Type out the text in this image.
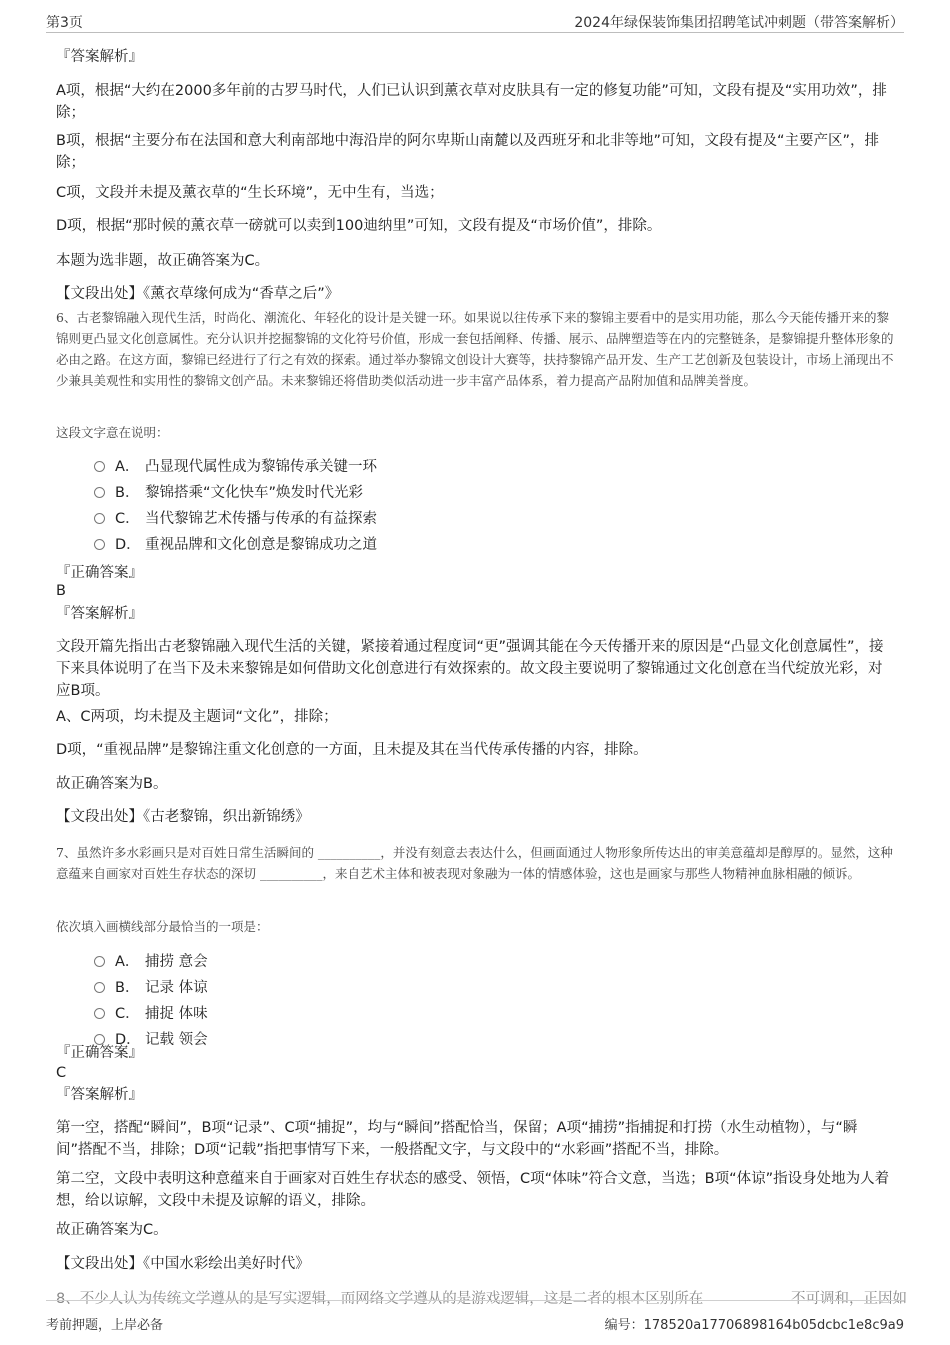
第3页	2024年绿保装饰集团招聘笔试冲刺题（带答案解析）
『答案解析』
A项，根据“大约在2000多年前的古罗马时代，人们已认识到薰衣草对皮肤具有一定的修复功能”可知，文段有提及“实用功效”，排除；
B项，根据“主要分布在法国和意大利南部地中海沿岸的阿尔卑斯山南麓以及西班牙和北非等地”可知，文段有提及“主要产区”，排除；
C项，文段并未提及薰衣草的“生长环境”，无中生有，当选；
D项，根据“那时候的薰衣草一磅就可以卖到100迪纳里”可知，文段有提及“市场价值”，排除。
本题为选非题，故正确答案为C。
【文段出处】《薰衣草缘何成为“香草之后”》
6、古老黎锦融入现代生活，时尚化、潮流化、年轻化的设计是关键一环。如果说以往传承下来的黎锦主要看中的是实用功能，那么今天能传播开来的黎锦则更凸显文化创意属性。充分认识并挖掘黎锦的文化符号价值，形成一套包括阐释、传播、展示、品牌塑造等在内的完整链条，是黎锦提升整体形象的必由之路。在这方面，黎锦已经进行了行之有效的探索。通过举办黎锦文创设计大赛等，扶持黎锦产品开发、生产工艺创新及包装设计，市场上涌现出不少兼具美观性和实用性的黎锦文创产品。未来黎锦还将借助类似活动进一步丰富产品体系，着力提高产品附加值和品牌美誉度。
这段文字意在说明：
A． 凸显现代属性成为黎锦传承关键一环
B． 黎锦搭乘“文化快车”焕发时代光彩
C． 当代黎锦艺术传播与传承的有益探索
D． 重视品牌和文化创意是黎锦成功之道
『正确答案』
B
『答案解析』
文段开篇先指出古老黎锦融入现代生活的关键，紧接着通过程度词“更”强调其能在今天传播开来的原因是“凸显文化创意属性”，接下来具体说明了在当下及未来黎锦是如何借助文化创意进行有效探索的。故文段主要说明了黎锦通过文化创意在当代绽放光彩，对应B项。
A、C两项，均未提及主题词“文化”，排除；
D项，“重视品牌”是黎锦注重文化创意的一方面，且未提及其在当代传承传播的内容，排除。
故正确答案为B。
【文段出处】《古老黎锦，织出新锦绣》
7、虽然许多水彩画只是对百姓日常生活瞬间的 __________，并没有刻意去表达什么，但画面通过人物形象所传达出的审美意蕴却是醇厚的。显然，这种意蕴来自画家对百姓生存状态的深切 __________，来自艺术主体和被表现对象融为一体的情感体验，这也是画家与那些人物精神血脉相融的倾诉。
依次填入画横线部分最恰当的一项是：
A． 捕捞 意会
B． 记录 体谅
C． 捕捉 体味
D． 记载 领会
『正确答案』
C
『答案解析』
第一空，搭配“瞬间”，B项“记录”、C项“捕捉”，均与“瞬间”搭配恰当，保留；A项“捕捞”指捕捉和打捞（水生动植物），与“瞬间”搭配不当，排除；D项“记载”指把事情写下来，一般搭配文字，与文段中的“水彩画”搭配不当，排除。
第二空，文段中表明这种意蕴来自于画家对百姓生存状态的感受、领悟，C项“体味”符合文意，当选；B项“体谅”指设身处地为人着想，给以谅解，文段中未提及谅解的语义，排除。
故正确答案为C。
【文段出处】《中国水彩绘出美好时代》
8、不少人认为传统文学遵从的是写实逻辑，而网络文学遵从的是游戏逻辑，这是二者的根本区别所在	不可调和，正因如
考前押题，上岸必备	编号：178520a17706898164b05dcbc1e8c9a9
